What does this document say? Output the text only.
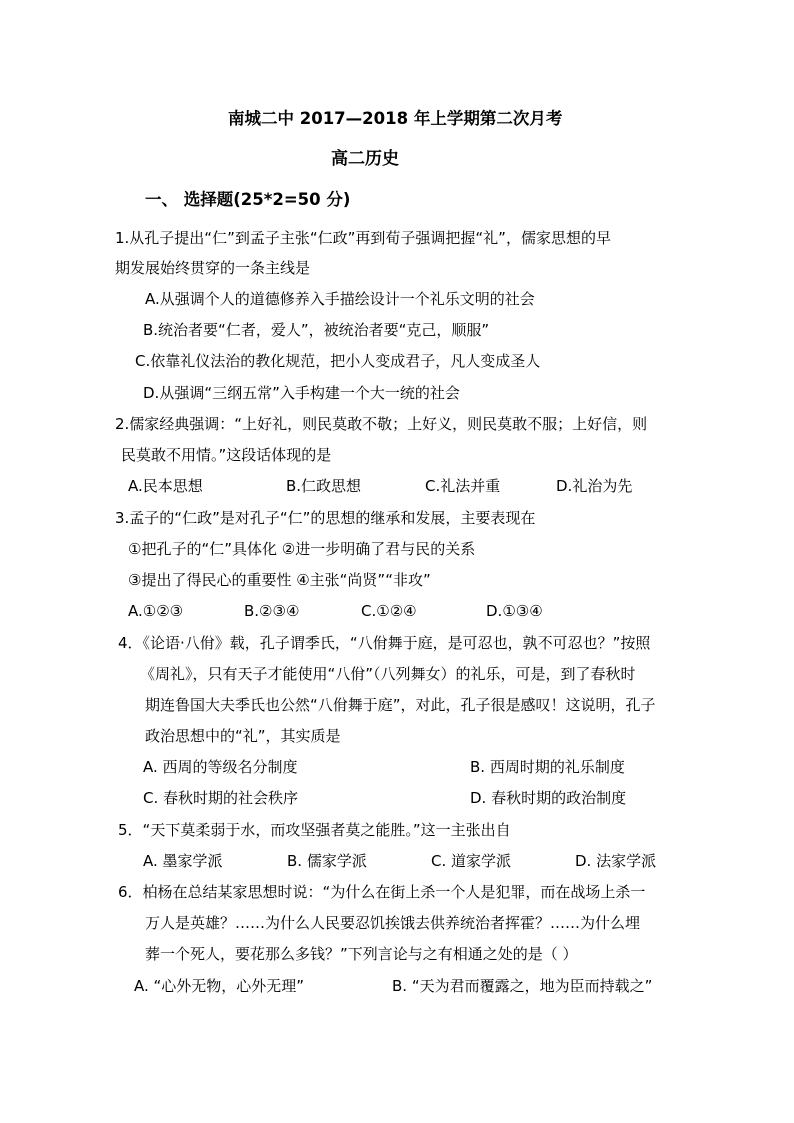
南城二中 2017—2018 年上学期第二次月考
高二历史
一、 选择题(25*2=50 分)
1.从孔子提出“仁”到孟子主张“仁政”再到荀子强调把握“礼”，儒家思想的早
期发展始终贯穿的一条主线是
A.从强调个人的道德修养入手描绘设计一个礼乐文明的社会
B.统治者要“仁者，爱人”，被统治者要“克己，顺服”
C.依靠礼仪法治的教化规范，把小人变成君子，凡人变成圣人
D.从强调“三纲五常”入手构建一个大一统的社会
2.儒家经典强调：“上好礼，则民莫敢不敬；上好义，则民莫敢不服；上好信，则
民莫敢不用情。”这段话体现的是
A.民本思想	B.仁政思想	C.礼法并重	D.礼治为先
3.孟子的“仁政”是对孔子“仁”的思想的继承和发展，主要表现在
①把孔子的“仁”具体化 ②进一步明确了君与民的关系
③提出了得民心的重要性 ④主张“尚贤”“非攻”
A.①②③	B.②③④	C.①②④	D.①③④
4．《论语·八佾》载，孔子谓季氏，“八佾舞于庭，是可忍也，孰不可忍也？”按照
《周礼》，只有天子才能使用“八佾”（八列舞女）的礼乐，可是，到了春秋时
期连鲁国大夫季氏也公然“八佾舞于庭”，对此，孔子很是感叹！这说明，孔子
政治思想中的“礼”，其实质是
A. 西周的等级名分制度	B. 西周时期的礼乐制度
C. 春秋时期的社会秩序	D. 春秋时期的政治制度
5．“天下莫柔弱于水，而攻坚强者莫之能胜。”这一主张出自
A. 墨家学派	B. 儒家学派	C. 道家学派	D. 法家学派
6．柏杨在总结某家思想时说：“为什么在街上杀一个人是犯罪，而在战场上杀一
万人是英雄？……为什么人民要忍饥挨饿去供养统治者挥霍？……为什么埋
葬一个死人，要花那么多钱？”下列言论与之有相通之处的是（ ）
A. “心外无物，心外无理”	B. “天为君而覆露之，地为臣而持载之”
